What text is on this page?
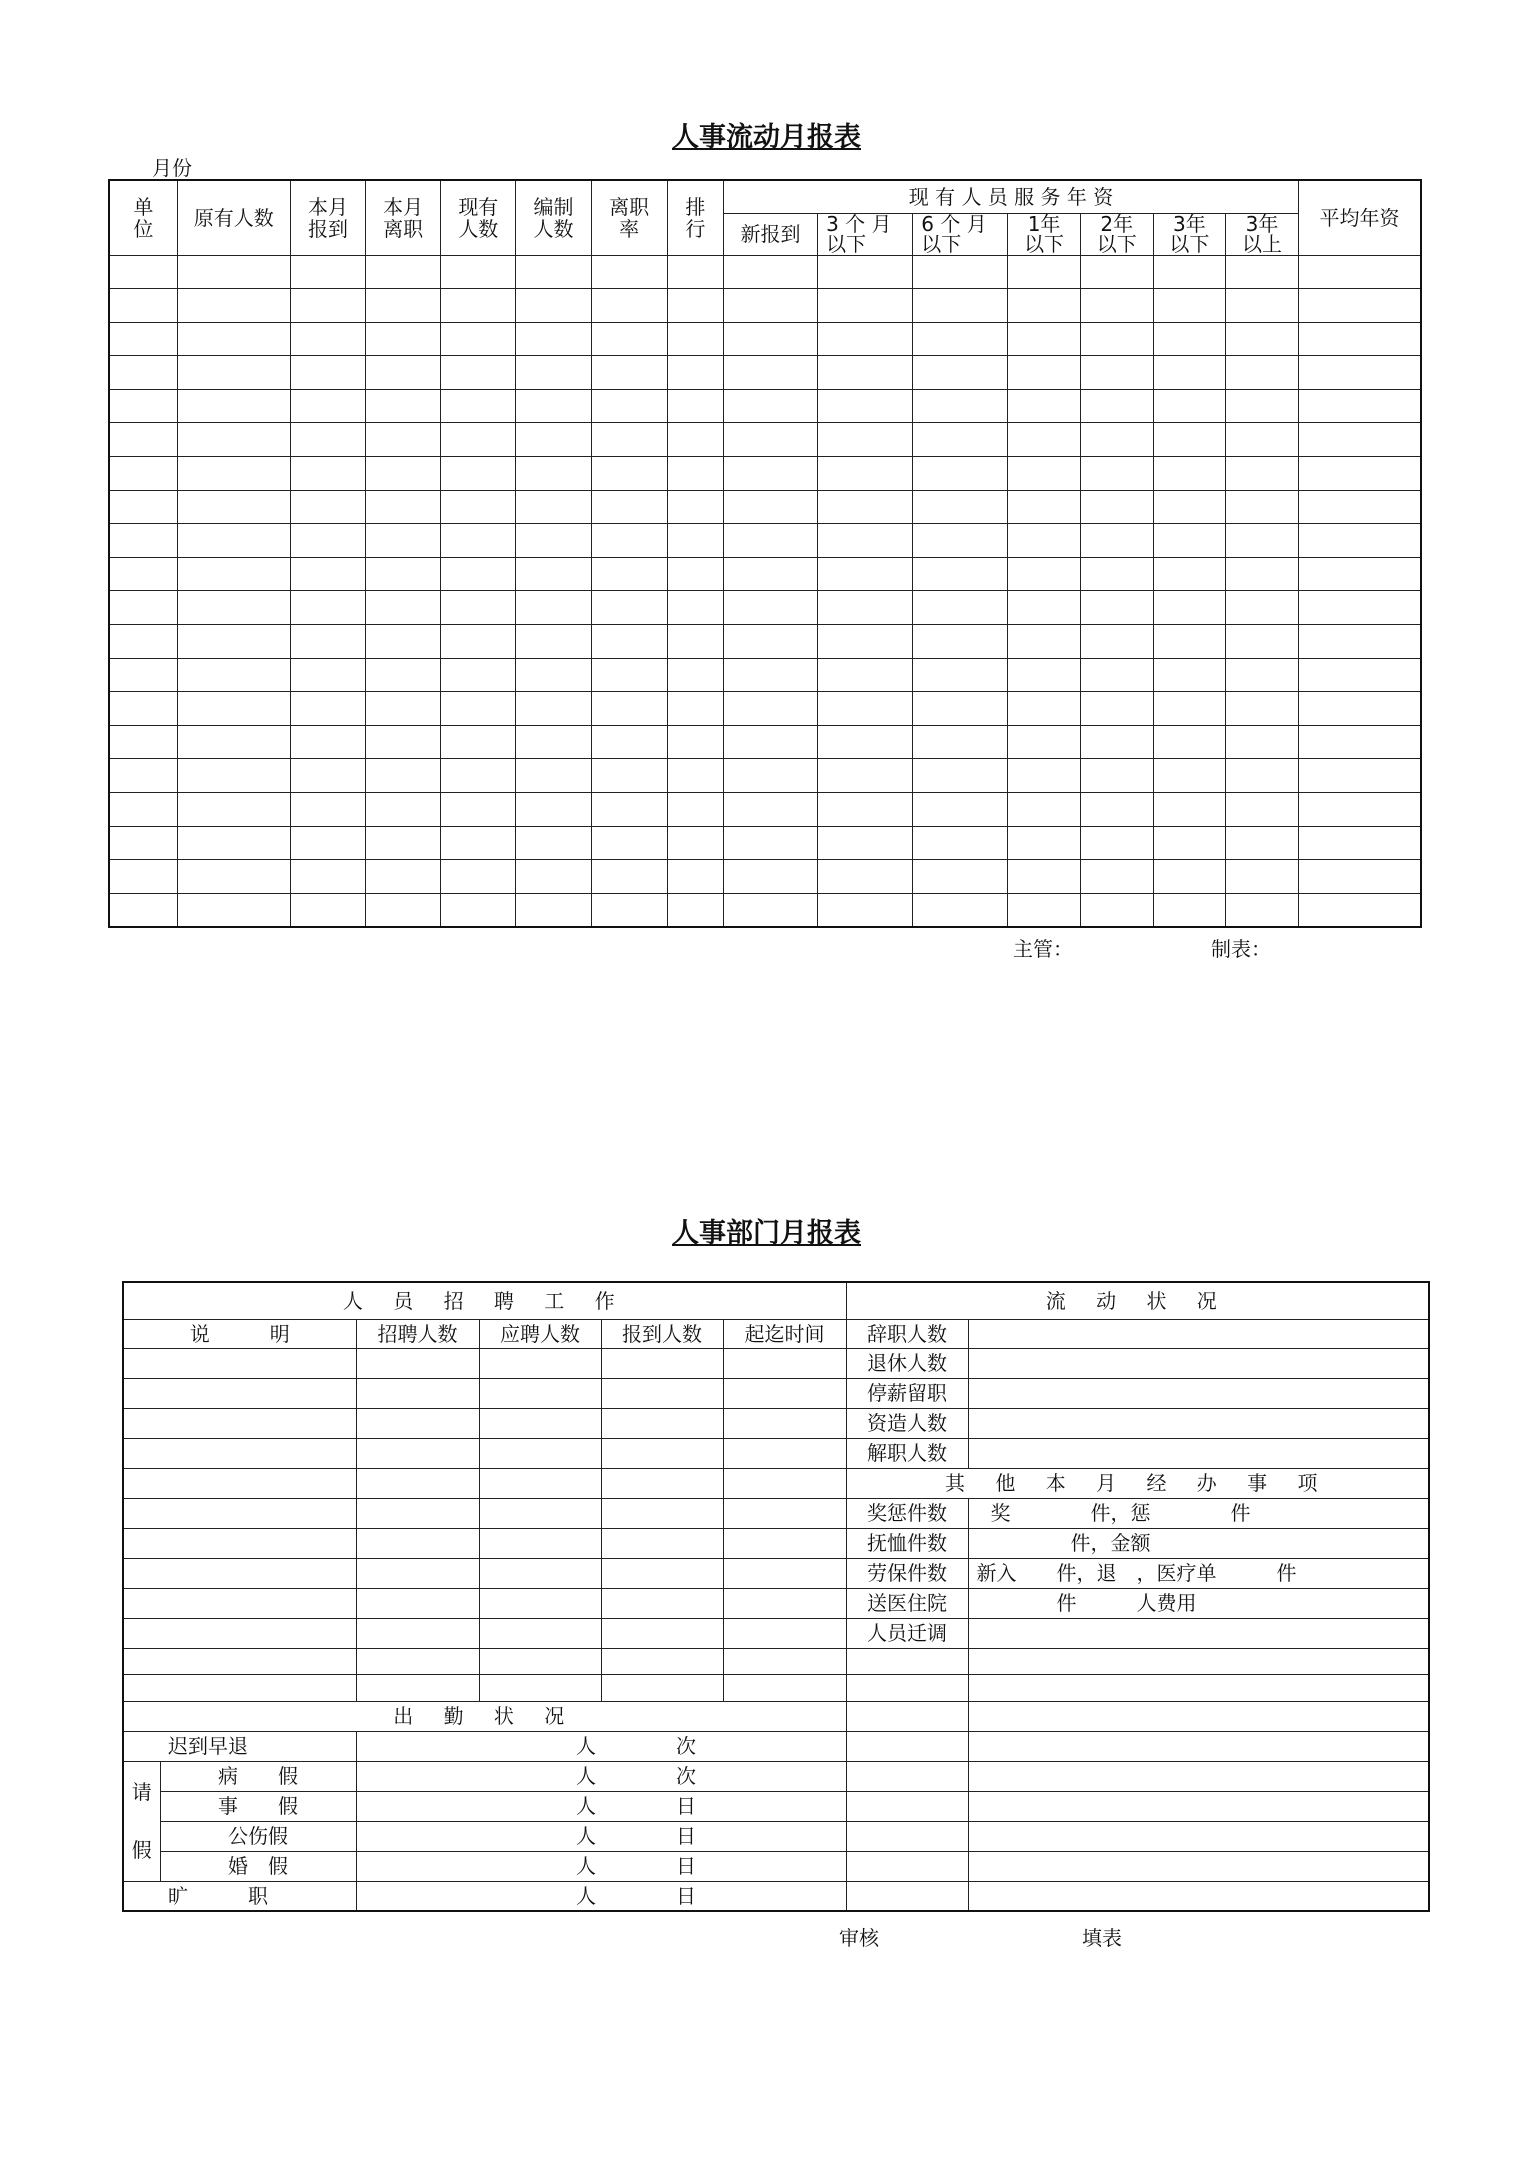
人事流动月报表
月份
单位	原有人数	本月报到	本月离职	现有人数	编制人数	离职率	排行	现 有 人 员 服 务 年 资							平均年资
								新报到	3 个 月 以下	6 个 月 以下	1年 以下	2年 以下	3年 以下	3年 以上	

主管：	制表：
人事部门月报表
人 员 招 聘 工 作						流 动 状 况	
说　　　明		招聘人数	应聘人数	报到人数	起迄时间	辞职人数	
						退休人数	
						停薪留职	
						资造人数	
						解职人数	
						其 他 本 月 经 办 事 项	
						奖惩件数	奖　　　　件，惩　　　　件
						抚恤件数	　　　　件，金额
						劳保件数	新入　　件，退　，医疗单　　　件
						送医住院	　　件　　　人费用
						人员迁调	

出 勤 状 况							
迟到早退		人　　　　次					

请
假	病　　假	人　　　　次					
	事　　假	人　　　　日					
	公伤假	人　　　　日					
	婚　假	人　　　　日					
旷　　　职		人　　　　日					
审核	填表
